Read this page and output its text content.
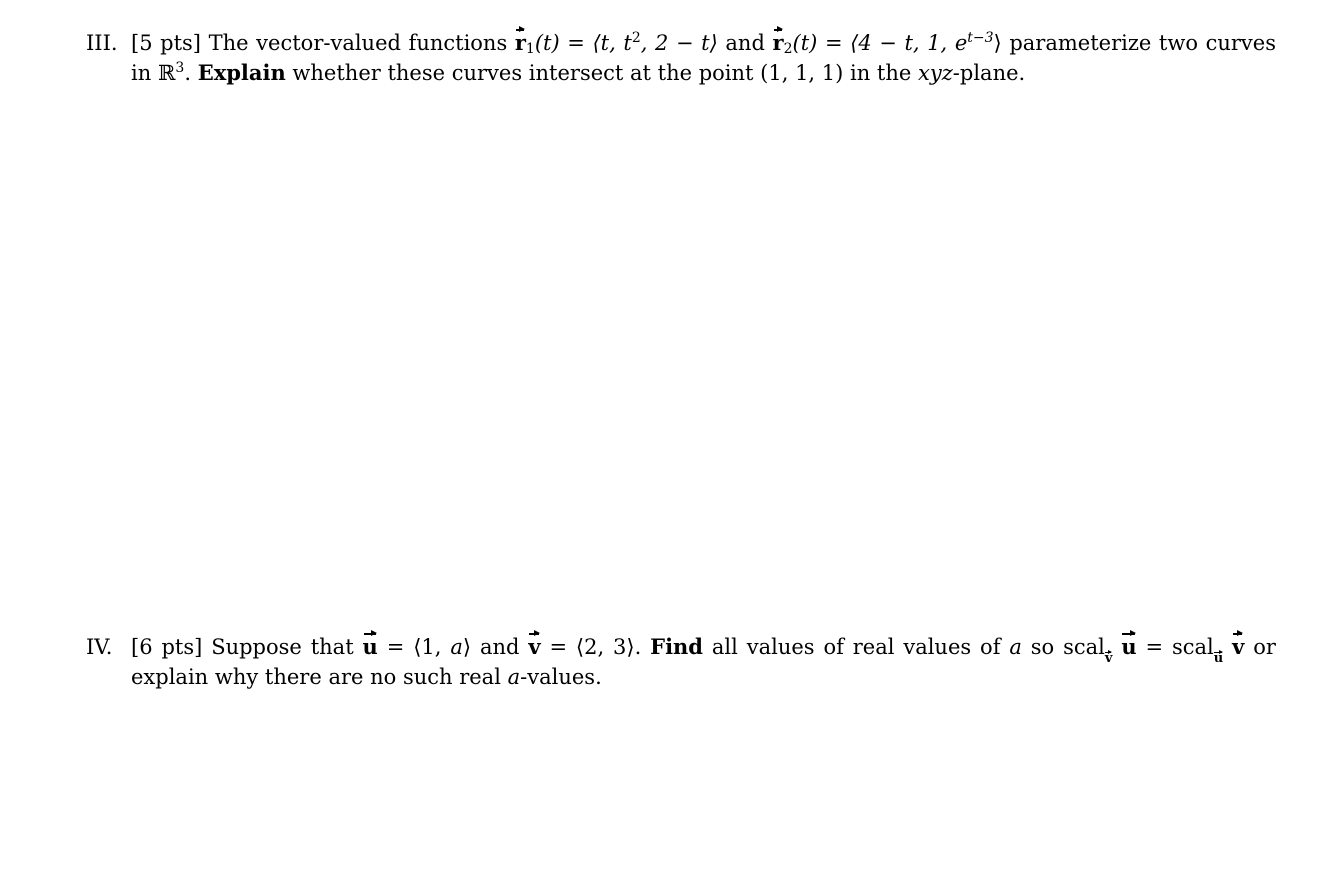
III. [5 pts] The vector-valued functions $r_1(t)$ = ⟨t, $t^2$, 2 − t⟩ and $r_2(t)$ = ⟨4 − t, 1, $e^{t-3}⟩$ parameterize two curves in ℝ$^3$. Explain whether these curves intersect at the point (1, 1, 1) in the xyz-plane.
IV. [6 pts] Suppose that u = ⟨1, a⟩ and v = ⟨2, 3⟩. Find all values of real values of a so scalv u = scalu v or explain why there are no such real a-values.
